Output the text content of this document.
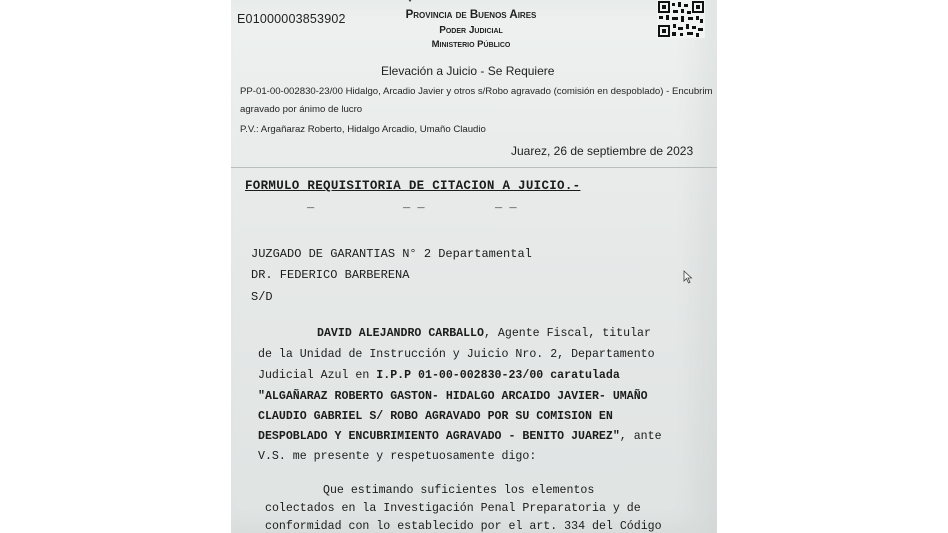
E01000003853902	Provincia de Buenos Aires
Poder Judicial
Ministerio Público
Elevación a Juicio - Se Requiere
PP-01-00-002830-23/00 Hidalgo, Arcadio Javier y otros s/Robo agravado (comisión en despoblado) - Encubrim
agravado por ánimo de lucro
P.V.: Argañaraz Roberto, Hidalgo Arcadio, Umaño Claudio
Juarez, 26 de septiembre de 2023
FORMULO REQUISITORIA DE CITACION A JUICIO.-
_	_ _	_ _
JUZGADO DE GARANTIAS N° 2 Departamental
DR. FEDERICO BARBERENA
S/D
DAVID ALEJANDRO CARBALLO, Agente Fiscal, titular
de la Unidad de Instrucción y Juicio Nro. 2, Departamento
Judicial Azul en I.P.P 01-00-002830-23/00 caratulada
"ALGAÑARAZ ROBERTO GASTON- HIDALGO ARCAIDO JAVIER- UMAÑO
CLAUDIO GABRIEL S/ ROBO AGRAVADO POR SU COMISION EN
DESPOBLADO Y ENCUBRIMIENTO AGRAVADO - BENITO JUAREZ", ante
V.S. me presente y respetuosamente digo:
Que estimando suficientes los elementos
colectados en la Investigación Penal Preparatoria y de
conformidad con lo establecido por el art. 334 del Código
